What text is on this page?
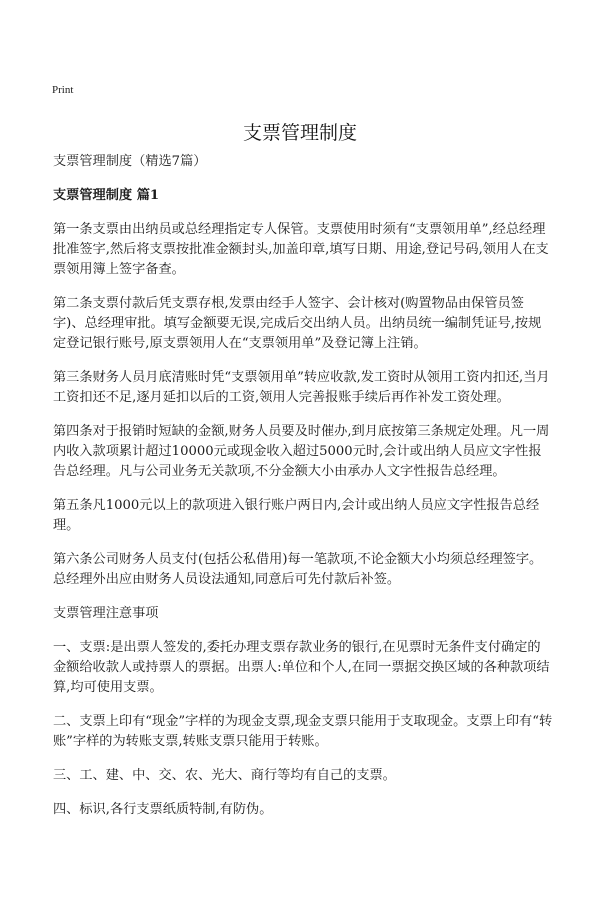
Print
支票管理制度

支票管理制度（精选7篇）

支票管理制度 篇1

第一条支票由出纳员或总经理指定专人保管。支票使用时须有“支票领用单”,经总经理批准签字,然后将支票按批准金额封头,加盖印章,填写日期、用途,登记号码,领用人在支票领用簿上签字备查。

第二条支票付款后凭支票存根,发票由经手人签字、会计核对(购置物品由保管员签字)、总经理审批。填写金额要无误,完成后交出纳人员。出纳员统一编制凭证号,按规定登记银行账号,原支票领用人在“支票领用单”及登记簿上注销。

第三条财务人员月底清账时凭“支票领用单”转应收款,发工资时从领用工资内扣还,当月工资扣还不足,逐月延扣以后的工资,领用人完善报账手续后再作补发工资处理。

第四条对于报销时短缺的金额,财务人员要及时催办,到月底按第三条规定处理。凡一周内收入款项累计超过10000元或现金收入超过5000元时,会计或出纳人员应文字性报告总经理。凡与公司业务无关款项,不分金额大小由承办人文字性报告总经理。

第五条凡1000元以上的款项进入银行账户两日内,会计或出纳人员应文字性报告总经理。

第六条公司财务人员支付(包括公私借用)每一笔款项,不论金额大小均须总经理签字。总经理外出应由财务人员设法通知,同意后可先付款后补签。

支票管理注意事项

一、支票:是出票人签发的,委托办理支票存款业务的银行,在见票时无条件支付确定的金额给收款人或持票人的票据。出票人:单位和个人,在同一票据交换区域的各种款项结算,均可使用支票。

二、支票上印有“现金”字样的为现金支票,现金支票只能用于支取现金。支票上印有“转账”字样的为转账支票,转账支票只能用于转账。

三、工、建、中、交、农、光大、商行等均有自己的支票。

四、标识,各行支票纸质特制,有防伪。
